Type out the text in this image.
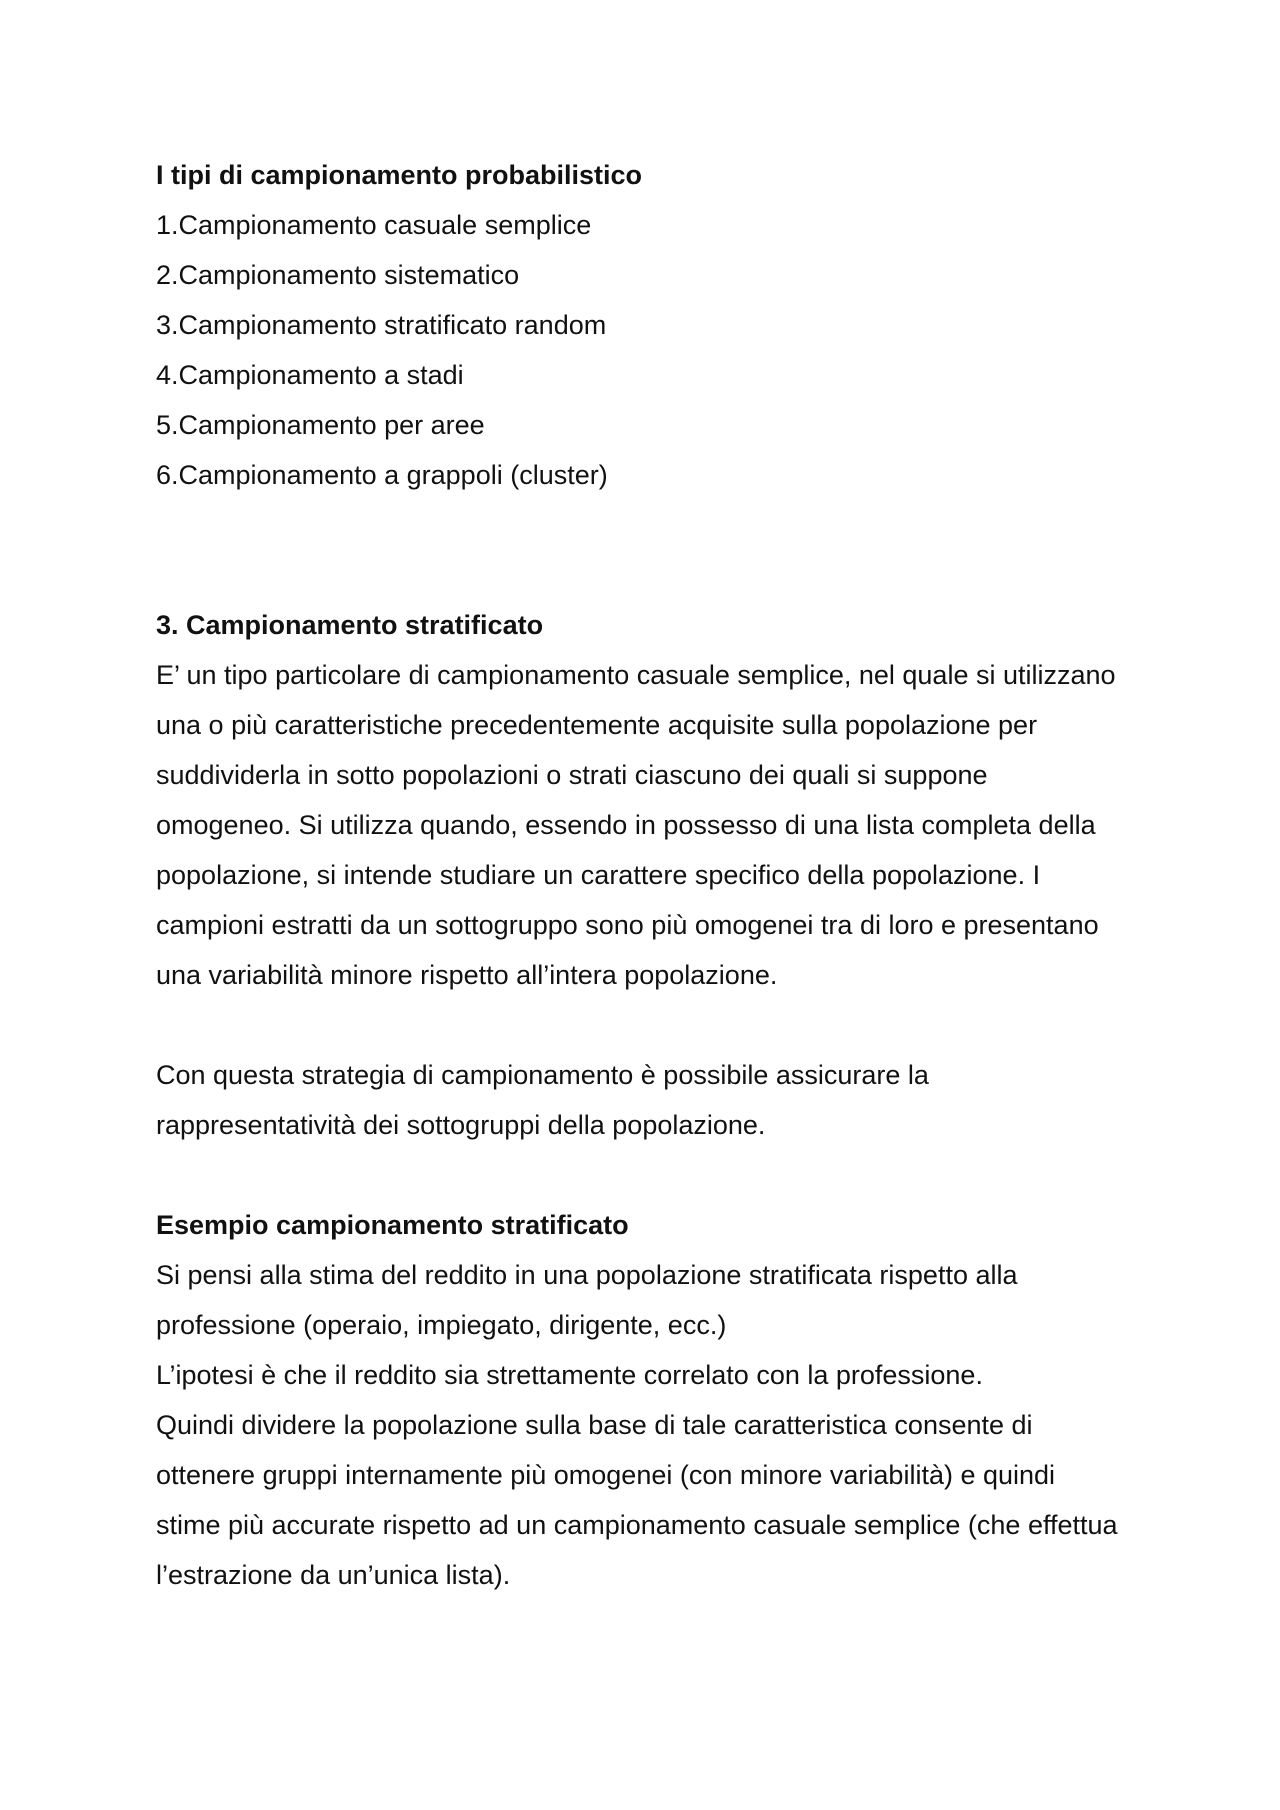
I tipi di campionamento probabilistico

1.Campionamento casuale semplice
2.Campionamento sistematico
3.Campionamento stratificato random
4.Campionamento a stadi
5.Campionamento per aree
6.Campionamento a grappoli (cluster)

3. Campionamento stratificato

E’ un tipo particolare di campionamento casuale semplice, nel quale si utilizzano una o più caratteristiche precedentemente acquisite sulla popolazione per suddividerla in sotto popolazioni o strati ciascuno dei quali si suppone omogeneo. Si utilizza quando, essendo in possesso di una lista completa della popolazione, si intende studiare un carattere specifico della popolazione. I campioni estratti da un sottogruppo sono più omogenei tra di loro e presentano una variabilità minore rispetto all’intera popolazione.

Con questa strategia di campionamento è possibile assicurare la rappresentatività dei sottogruppi della popolazione.

Esempio campionamento stratificato

Si pensi alla stima del reddito in una popolazione stratificata rispetto alla professione (operaio, impiegato, dirigente, ecc.)

L’ipotesi è che il reddito sia strettamente correlato con la professione.

Quindi dividere la popolazione sulla base di tale caratteristica consente di ottenere gruppi internamente più omogenei (con minore variabilità) e quindi stime più accurate rispetto ad un campionamento casuale semplice (che effettua l’estrazione da un’unica lista).
